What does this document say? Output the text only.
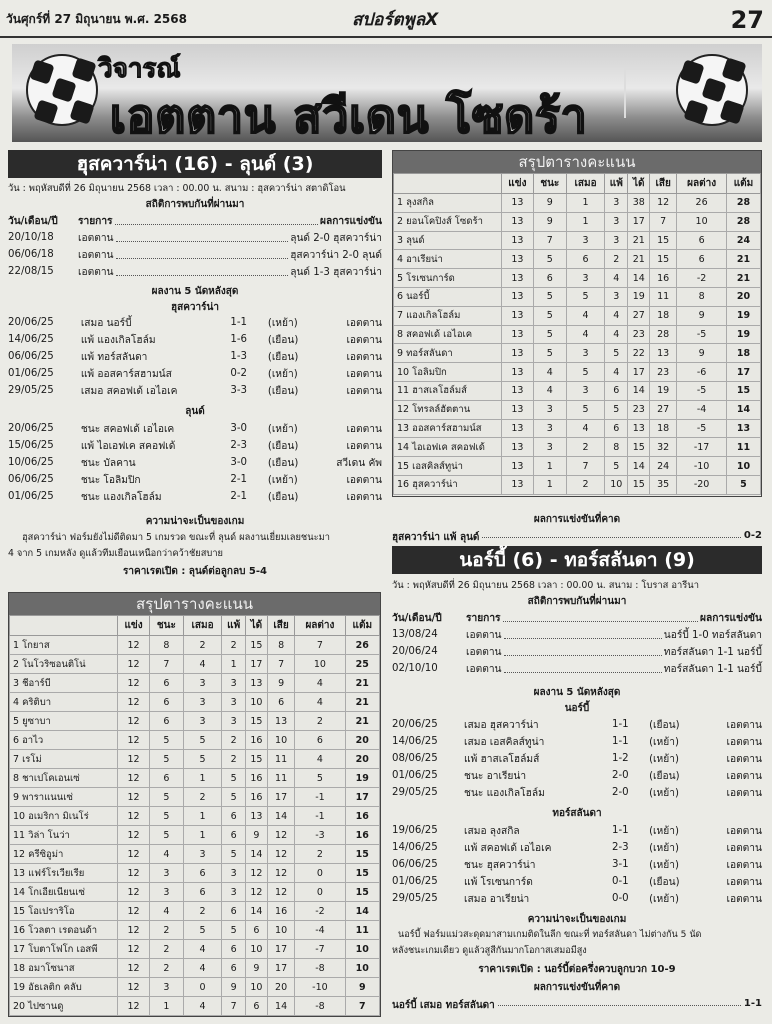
วันศุกร์ที่ 27 มิถุนายน พ.ศ. 2568	สปอร์ตพูลX	27
วิจารณ์
เอตตาน สวีเดน โซดร้า
ฮุสควาร์น่า (16) - ลุนด์ (3)
วัน : พฤหัสบดีที่ 26 มิถุนายน 2568 เวลา : 00.00 น. สนาม : ฮุสควาร์น่า สตาดิโอน
สถิติการพบกันที่ผ่านมา
วัน/เดือน/ปี	รายการ	ผลการแข่งขัน
20/10/18	เอตตาน	ลุนด์ 2-0 ฮุสควาร์น่า
06/06/18	เอตตาน	ฮุสควาร์น่า 2-0 ลุนด์
22/08/15	เอตตาน	ลุนด์ 1-3 ฮุสควาร์น่า
ผลงาน 5 นัดหลังสุด
ฮุสควาร์น่า
20/06/25	เสมอ นอร์บี้	1-1	(เหย้า)	เอตตาน
14/06/25	แพ้ แองเกิลโฮล์ม	1-6	(เยือน)	เอตตาน
06/06/25	แพ้ ทอร์สลันดา	1-3	(เยือน)	เอตตาน
01/06/25	แพ้ ออสคาร์สฮามน์ส	0-2	(เหย้า)	เอตตาน
29/05/25	เสมอ สคอฟเด้ เอไอเค	3-3	(เยือน)	เอตตาน
ลุนด์
20/06/25	ชนะ สคอฟเด้ เอไอเค	3-0	(เหย้า)	เอตตาน
15/06/25	แพ้ ไอเอฟเค สคอฟเด้	2-3	(เยือน)	เอตตาน
10/06/25	ชนะ บัลคาน	3-0	(เยือน)	สวีเดน คัพ
06/06/25	ชนะ โอลิมปิก	2-1	(เหย้า)	เอตตาน
01/06/25	ชนะ แองเกิลโฮล์ม	2-1	(เยือน)	เอตตาน
ความน่าจะเป็นของเกม
ฮุสควาร์น่า ฟอร์มยังไม่ดีติดมา 5 เกมรวด ขณะที่ ลุนด์ ผลงานเยี่ยมเลยชนะมา
4 จาก 5 เกมหลัง ดูแล้วทีมเยือนเหนือกว่าคว้าชัยสบาย
ราคาเรตเปิด : ลุนด์ต่อลูกลบ 5-4
สรุปตารางคะแนน
	แข่ง	ชนะ	เสมอ	แพ้	ได้	เสีย	ผลต่าง	แต้ม
1 โกยาส	12	8	2	2	15	8	7	26
2 โนโวริซอนติโน่	12	7	4	1	17	7	10	25
3 ชีอาร์บี	12	6	3	3	13	9	4	21
4 คริติบา	12	6	3	3	10	6	4	21
5 ยูซาบา	12	6	3	3	15	13	2	21
6 อาไว	12	5	5	2	16	10	6	20
7 เรโม่	12	5	5	2	15	11	4	20
8 ชาเปโคเอนเซ่	12	6	1	5	16	11	5	19
9 พาราแนนเซ่	12	5	2	5	16	17	-1	17
10 อเมริกา มิเนโร่	12	5	1	6	13	14	-1	16
11 วิล่า โนว่า	12	5	1	6	9	12	-3	16
12 ครีซิอูม่า	12	4	3	5	14	12	2	15
13 แฟร์โรเวียเรีย	12	3	6	3	12	12	0	15
14 โกเอียเนียนเซ่	12	3	6	3	12	12	0	15
15 โอเปราริโอ	12	4	2	6	14	16	-2	14
16 โวลตา เรดอนด้า	12	2	5	5	6	10	-4	11
17 โบตาโฟโก เอสพี	12	2	4	6	10	17	-7	10
18 อมาโซนาส	12	2	4	6	9	17	-8	10
19 อัธเลติก คลับ	12	3	0	9	10	20	-10	9
20 ไปซานดู	12	1	4	7	6	14	-8	7
สรุปตารางคะแนน
	แข่ง	ชนะ	เสมอ	แพ้	ได้	เสีย	ผลต่าง	แต้ม
1 ลุงสกิล	13	9	1	3	38	12	26	28
2 ยอนโคปิงส์ โซดร้า	13	9	1	3	17	7	10	28
3 ลุนด์	13	7	3	3	21	15	6	24
4 อาเรียน่า	13	5	6	2	21	15	6	21
5 โรเซนการ์ด	13	6	3	4	14	16	-2	21
6 นอร์บี้	13	5	5	3	19	11	8	20
7 แองเกิลโฮล์ม	13	5	4	4	27	18	9	19
8 สคอฟเด้ เอไอเค	13	5	4	4	23	28	-5	19
9 ทอร์สลันดา	13	5	3	5	22	13	9	18
10 โอลิมปิก	13	4	5	4	17	23	-6	17
11 ฮาสเลโฮล์มส์	13	4	3	6	14	19	-5	15
12 โทรลล์ฮัตตาน	13	3	5	5	23	27	-4	14
13 ออสคาร์สฮามน์ส	13	3	4	6	13	18	-5	13
14 ไอเอฟเค สคอฟเด้	13	3	2	8	15	32	-17	11
15 เอสคิลส์ทูน่า	13	1	7	5	14	24	-10	10
16 ฮุสควาร์น่า	13	1	2	10	15	35	-20	5
ผลการแข่งขันที่คาด
ฮุสควาร์น่า แพ้ ลุนด์	0-2
นอร์บี้ (6) - ทอร์สลันดา (9)
วัน : พฤหัสบดีที่ 26 มิถุนายน 2568 เวลา : 00.00 น. สนาม : โบราส อารีนา
สถิติการพบกันที่ผ่านมา
วัน/เดือน/ปี	รายการ	ผลการแข่งขัน
13/08/24	เอตตาน	นอร์บี้ 1-0 ทอร์สลันดา
20/06/24	เอตตาน	ทอร์สลันดา 1-1 นอร์บี้
02/10/10	เอตตาน	ทอร์สลันดา 1-1 นอร์บี้
ผลงาน 5 นัดหลังสุด
นอร์บี้
20/06/25	เสมอ ฮุสควาร์น่า	1-1	(เยือน)	เอตตาน
14/06/25	เสมอ เอสคิลส์ทูน่า	1-1	(เหย้า)	เอตตาน
08/06/25	แพ้ ฮาสเลโฮล์มส์	1-2	(เหย้า)	เอตตาน
01/06/25	ชนะ อาเรียน่า	2-0	(เยือน)	เอตตาน
29/05/25	ชนะ แองเกิลโฮล์ม	2-0	(เหย้า)	เอตตาน
ทอร์สลันดา
19/06/25	เสมอ ลุงสกิล	1-1	(เหย้า)	เอตตาน
14/06/25	แพ้ สคอฟเด้ เอไอเค	2-3	(เหย้า)	เอตตาน
06/06/25	ชนะ ฮุสควาร์น่า	3-1	(เหย้า)	เอตตาน
01/06/25	แพ้ โรเซนการ์ด	0-1	(เยือน)	เอตตาน
29/05/25	เสมอ อาเรียน่า	0-0	(เหย้า)	เอตตาน
ความน่าจะเป็นของเกม
นอร์บี้ ฟอร์มแม่วสะดุดมาสามเกมติดในลีก ขณะที่ ทอร์สลันดา ไม่ต่างกัน 5 นัด
หลังชนะเกมเดียว ดูแล้วสูสีกันมากโอกาสเสมอมีสูง
ราคาเรตเปิด : นอร์บี้ต่อครึ่งควบลูกบวก 10-9
ผลการแข่งขันที่คาด
นอร์บี้ เสมอ ทอร์สลันดา	1-1
